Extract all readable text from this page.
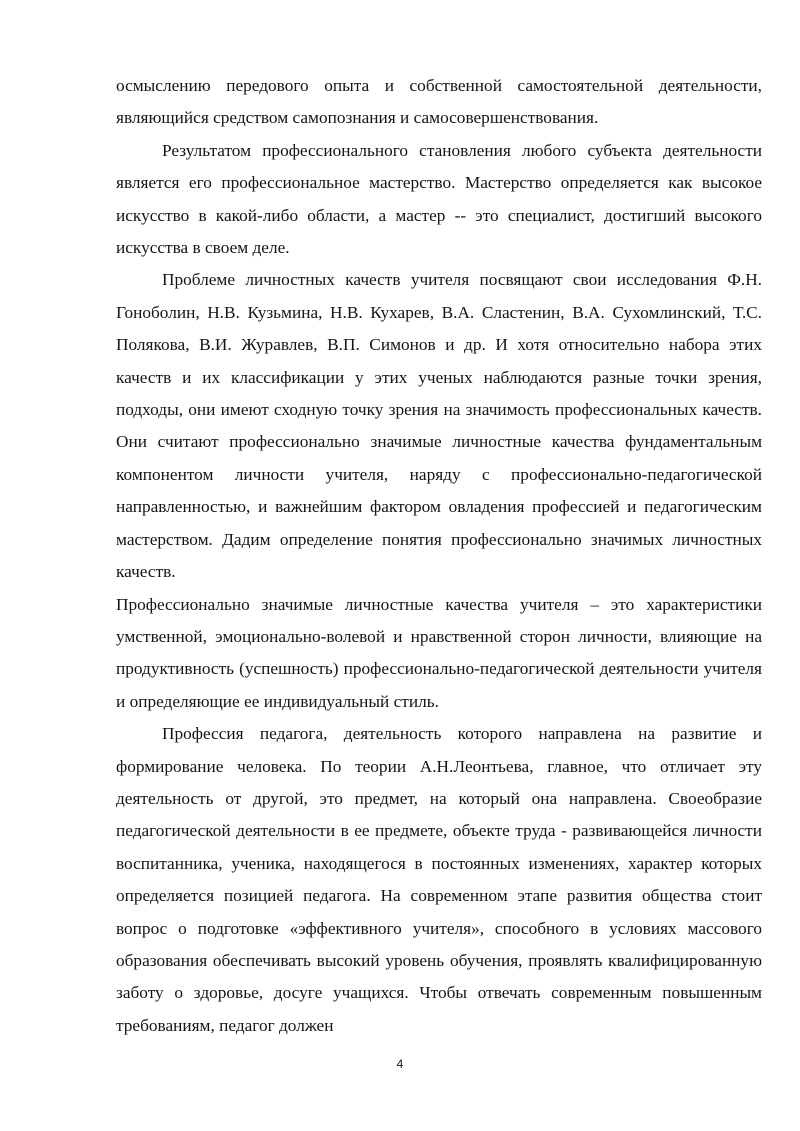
осмыслению передового опыта и собственной самостоятельной деятельности, являющийся средством самопознания и самосовершенствования.

Результатом профессионального становления любого субъекта деятельности является его профессиональное мастерство. Мастерство определяется как высокое искусство в какой-либо области, а мастер -- это специалист, достигший высокого искусства в своем деле.

Проблеме личностных качеств учителя посвящают свои исследования Ф.Н. Гоноболин, Н.В. Кузьмина, Н.В. Кухарев, В.А. Сластенин, В.А. Сухомлинский, Т.С. Полякова, В.И. Журавлев, В.П. Симонов и др. И хотя относительно набора этих качеств и их классификации у этих ученых наблюдаются разные точки зрения, подходы, они имеют сходную точку зрения на значимость профессиональных качеств. Они считают профессионально значимые личностные качества фундаментальным компонентом личности учителя, наряду с профессионально-педагогической направленностью, и важнейшим фактором овладения профессией и педагогическим мастерством. Дадим определение понятия профессионально значимых личностных качеств.

Профессионально значимые личностные качества учителя – это характеристики умственной, эмоционально-волевой и нравственной сторон личности, влияющие на продуктивность (успешность) профессионально-педагогической деятельности учителя и определяющие ее индивидуальный стиль.

Профессия педагога, деятельность которого направлена на развитие и формирование человека. По теории А.Н.Леонтьева, главное, что отличает эту деятельность от другой, это предмет, на который она направлена. Своеобразие педагогической деятельности в ее предмете, объекте труда - развивающейся личности воспитанника, ученика, находящегося в постоянных изменениях, характер которых определяется позицией педагога. На современном этапе развития общества стоит вопрос о подготовке «эффективного учителя», способного в условиях массового образования обеспечивать высокий уровень обучения, проявлять квалифицированную заботу о здоровье, досуге учащихся. Чтобы отвечать современным повышенным требованиям, педагог должен

4
